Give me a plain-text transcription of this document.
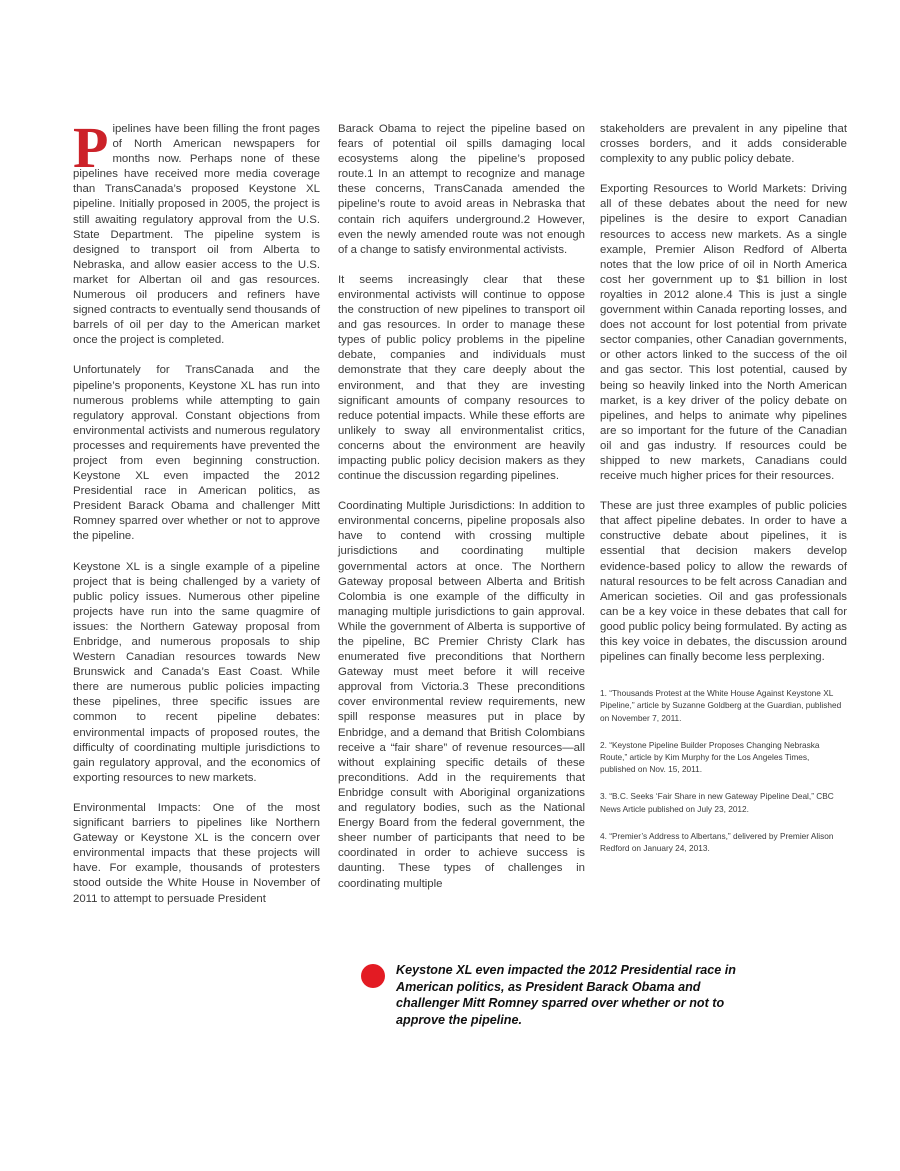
Pipelines have been filling the front pages of North American newspapers for months now. Perhaps none of these pipelines have received more media coverage than TransCanada’s proposed Keystone XL pipeline. Initially proposed in 2005, the project is still awaiting regulatory approval from the U.S. State Department. The pipeline system is designed to transport oil from Alberta to Nebraska, and allow easier access to the U.S. market for Albertan oil and gas resources. Numerous oil producers and refiners have signed contracts to eventually send thousands of barrels of oil per day to the American market once the project is completed.

Unfortunately for TransCanada and the pipeline’s proponents, Keystone XL has run into numerous problems while attempting to gain regulatory approval. Constant objections from environmental activists and numerous regulatory processes and requirements have prevented the project from even beginning construction. Keystone XL even impacted the 2012 Presidential race in American politics, as President Barack Obama and challenger Mitt Romney sparred over whether or not to approve the pipeline.

Keystone XL is a single example of a pipeline project that is being challenged by a variety of public policy issues. Numerous other pipeline projects have run into the same quagmire of issues: the Northern Gateway proposal from Enbridge, and numerous proposals to ship Western Canadian resources towards New Brunswick and Canada’s East Coast. While there are numerous public policies impacting these pipelines, three specific issues are common to recent pipeline debates: environmental impacts of proposed routes, the difficulty of coordinating multiple jurisdictions to gain regulatory approval, and the economics of exporting resources to new markets.

Environmental Impacts: One of the most significant barriers to pipelines like Northern Gateway or Keystone XL is the concern over environmental impacts that these projects will have. For example, thousands of protesters stood outside the White House in November of 2011 to attempt to persuade President

Barack Obama to reject the pipeline based on fears of potential oil spills damaging local ecosystems along the pipeline’s proposed route.1 In an attempt to recognize and manage these concerns, TransCanada amended the pipeline’s route to avoid areas in Nebraska that contain rich aquifers underground.2 However, even the newly amended route was not enough of a change to satisfy environmental activists.

It seems increasingly clear that these environmental activists will continue to oppose the construction of new pipelines to transport oil and gas resources. In order to manage these types of public policy problems in the pipeline debate, companies and individuals must demonstrate that they care deeply about the environment, and that they are investing significant amounts of company resources to reduce potential impacts. While these efforts are unlikely to sway all environmentalist critics, concerns about the environment are heavily impacting public policy decision makers as they continue the discussion regarding pipelines.

Coordinating Multiple Jurisdictions: In addition to environmental concerns, pipeline proposals also have to contend with crossing multiple jurisdictions and coordinating multiple governmental actors at once. The Northern Gateway proposal between Alberta and British Colombia is one example of the difficulty in managing multiple jurisdictions to gain approval. While the government of Alberta is supportive of the pipeline, BC Premier Christy Clark has enumerated five preconditions that Northern Gateway must meet before it will receive approval from Victoria.3 These preconditions cover environmental review requirements, new spill response measures put in place by Enbridge, and a demand that British Colombians receive a “fair share” of revenue resources—all without explaining specific details of these preconditions. Add in the requirements that Enbridge consult with Aboriginal organizations and regulatory bodies, such as the National Energy Board from the federal government, the sheer number of participants that need to be coordinated in order to achieve success is daunting. These types of challenges in coordinating multiple

stakeholders are prevalent in any pipeline that crosses borders, and it adds considerable complexity to any public policy debate.

Exporting Resources to World Markets: Driving all of these debates about the need for new pipelines is the desire to export Canadian resources to access new markets. As a single example, Premier Alison Redford of Alberta notes that the low price of oil in North America cost her government up to $1 billion in lost royalties in 2012 alone.4 This is just a single government within Canada reporting losses, and does not account for lost potential from private sector companies, other Canadian governments, or other actors linked to the success of the oil and gas sector. This lost potential, caused by being so heavily linked into the North American market, is a key driver of the policy debate on pipelines, and helps to animate why pipelines are so important for the future of the Canadian oil and gas industry. If resources could be shipped to new markets, Canadians could receive much higher prices for their resources.

These are just three examples of public policies that affect pipeline debates. In order to have a constructive debate about pipelines, it is essential that decision makers develop evidence-based policy to allow the rewards of natural resources to be felt across Canadian and American societies. Oil and gas professionals can be a key voice in these debates that call for good public policy being formulated. By acting as this key voice in debates, the discussion around pipelines can finally become less perplexing.

1. “Thousands Protest at the White House Against Keystone XL Pipeline,” article by Suzanne Goldberg at the Guardian, published on November 7, 2011.

2. “Keystone Pipeline Builder Proposes Changing Nebraska Route,” article by Kim Murphy for the Los Angeles Times, published on Nov. 15, 2011.

3. “B.C. Seeks ‘Fair Share in new Gateway Pipeline Deal,” CBC News Article published on July 23, 2012.

4. “Premier’s Address to Albertans,” delivered by Premier Alison Redford on January 24, 2013.

Keystone XL even impacted the 2012 Presidential race in American politics, as President Barack Obama and challenger Mitt Romney sparred over whether or not to approve the pipeline.
